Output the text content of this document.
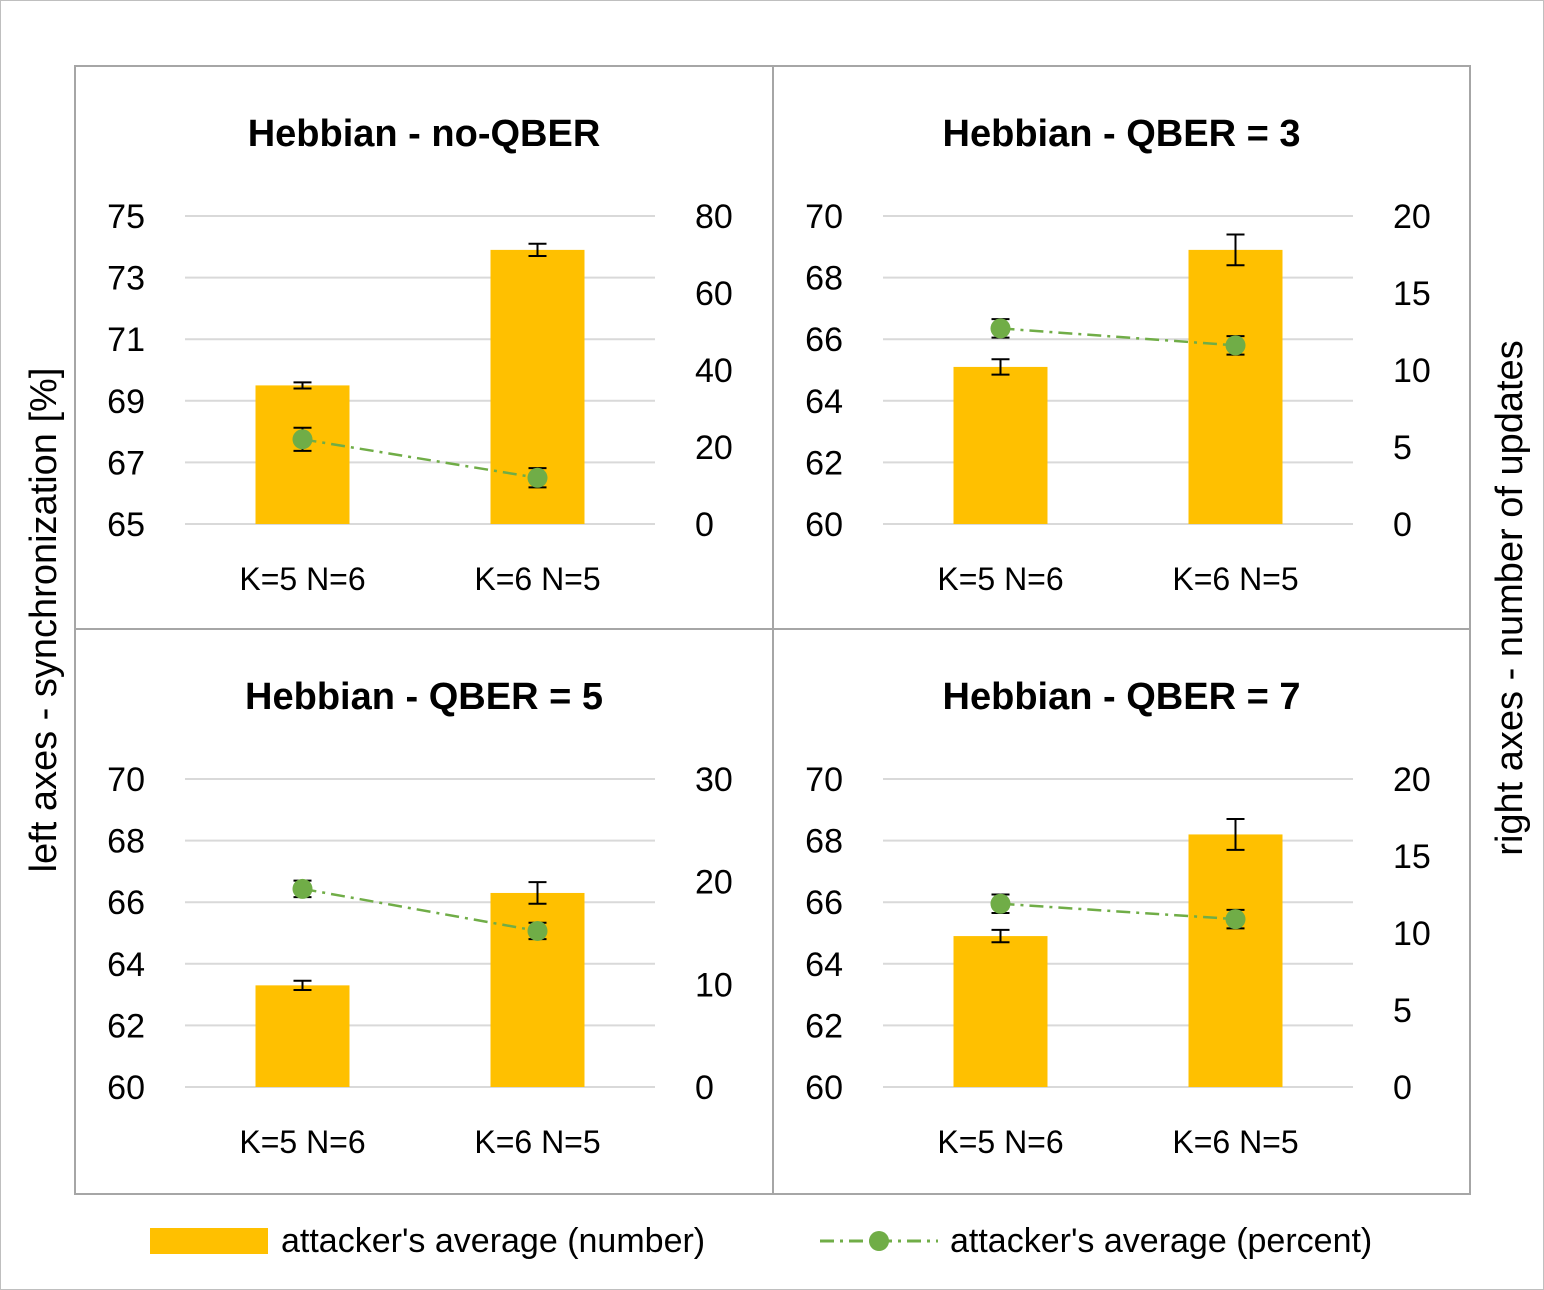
left axes - synchronization [%]	right axes - number of updates
Hebbian - no-QBER
65
67
69
71
73
75
0
20
40
60
80
K=5 N=6	K=6 N=5
Hebbian - QBER = 3
60
62
64
66
68
70
0
5
10
15
20
K=5 N=6	K=6 N=5
Hebbian - QBER = 5
60
62
64
66
68
70
0
10
20
30
K=5 N=6	K=6 N=5
Hebbian - QBER = 7
60
62
64
66
68
70
0
5
10
15
20
K=5 N=6	K=6 N=5
attacker's average (number)	attacker's average (percent)
